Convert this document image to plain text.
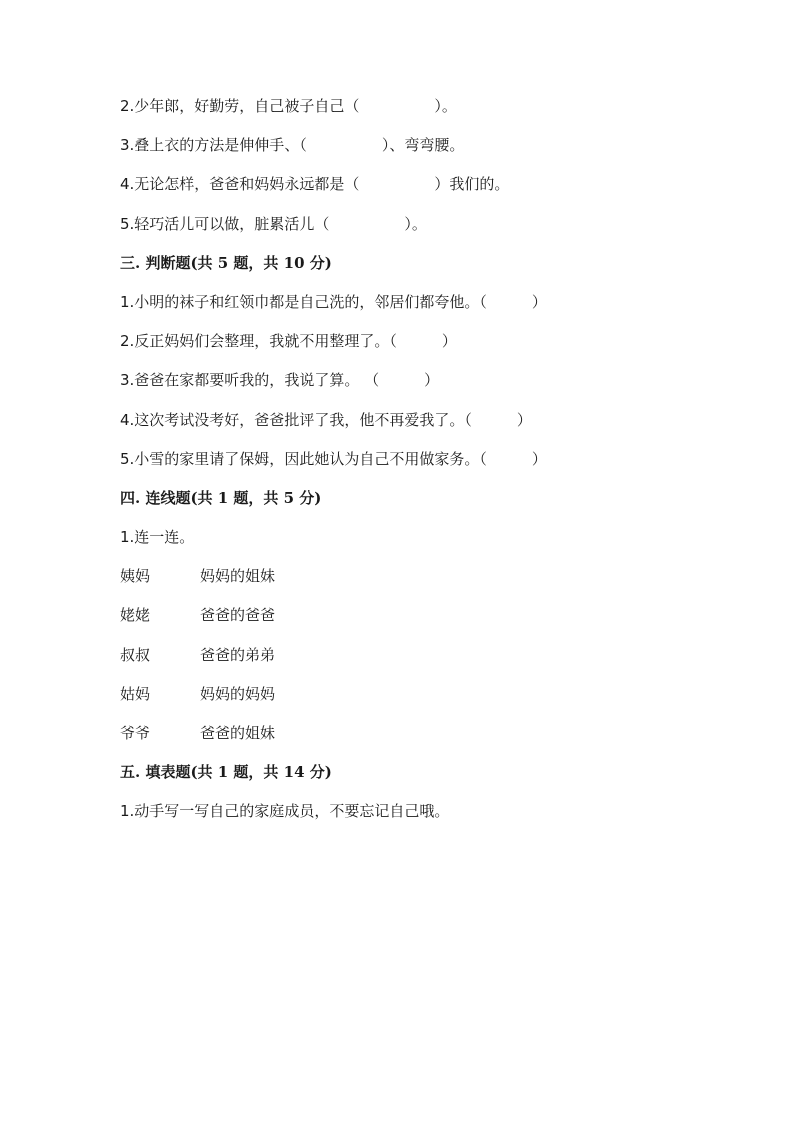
2.少年郎，好勤劳，自己被子自己（　　　　　）。
3.叠上衣的方法是伸伸手、（　　　　　）、弯弯腰。
4.无论怎样，爸爸和妈妈永远都是（　　　　　）我们的。
5.轻巧活儿可以做，脏累活儿（　　　　　）。
三. 判断题(共 5 题，共 10 分)
1.小明的袜子和红领巾都是自己洗的，邻居们都夸他。（　　　）
2.反正妈妈们会整理，我就不用整理了。（　　　）
3.爸爸在家都要听我的，我说了算。 （　　　）
4.这次考试没考好，爸爸批评了我，他不再爱我了。（　　　）
5.小雪的家里请了保姆，因此她认为自己不用做家务。（　　　）
四. 连线题(共 1 题，共 5 分)
1.连一连。
姨妈	妈妈的姐妹
姥姥	爸爸的爸爸
叔叔	爸爸的弟弟
姑妈	妈妈的妈妈
爷爷	爸爸的姐妹
五. 填表题(共 1 题，共 14 分)
1.动手写一写自己的家庭成员，不要忘记自己哦。
